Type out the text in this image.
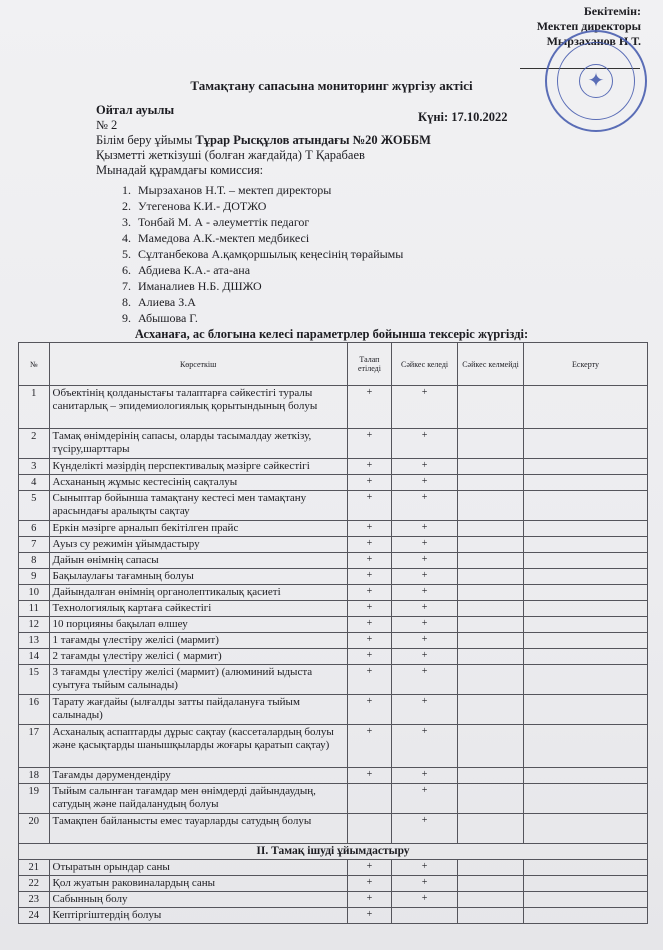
Бекітемін:
Мектеп директоры
Мырзаханов Н.Т.
✦
Тамақтану сапасына мониторинг жүргізу актісі
Ойтал ауылы
№ 2
Білім беру ұйымы Тұрар Рысқұлов атындағы №20 ЖОББМ
Қызметті жеткізуші (болған жағдайда) Т Қарабаев
Мынадай құрамдағы комиссия:
Күні: 17.10.2022
1. Мырзаханов Н.Т. – мектеп директоры
2. Утегенова К.И.- ДОТЖО
3. Тонбай М. А - әлеуметтік педагог
4. Мамедова А.К.-мектеп медбикесі
5. Сұлтанбекова А.қамқоршылық кеңесінің төрайымы
6. Абдиева К.А.- ата-ана
7. Иманалиев Н.Б. ДШЖО
8. Алиева З.А
9. Абышова Г.
Асханаға, ас блогына келесі параметрлер бойынша тексеріс жүргізді:
№	Көрсеткіш	Талап етіледі	Сәйкес келеді	Сәйкес келмейді	Ескерту
1	Объектінің қолданыстағы талаптарға сәйкестігі туралы санитарлық – эпидемиологиялық қорытындының болуы	+	+		
2	Тамақ өнімдерінің сапасы, оларды тасымалдау жеткізу, түсіру,шарттары	+	+		
3	Күнделікті мәзірдің перспективалық мәзірге сәйкестігі	+	+		
4	Асхананың жұмыс кестесінің сақталуы	+	+		
5	Сыныптар бойынша тамақтану кестесі мен тамақтану арасындағы аралықты сақтау	+	+		
6	Еркін мәзірге арналып бекітілген прайс	+	+		
7	Ауыз су режимін ұйымдастыру	+	+		
8	Дайын өнімнің сапасы	+	+		
9	Бақылаулағы тағамның болуы	+	+		
10	Дайындалған өнімнің органолептикалық қасиеті	+	+		
11	Технологиялық картаға сәйкестігі	+	+		
12	10 порцияны бақылап өлшеу	+	+		
13	1 тағамды үлестіру желісі (мармит)	+	+		
14	2 тағамды үлестіру желісі ( мармит)	+	+		
15	3 тағамды үлестіру желісі (мармит) (алюминий ыдыста суытуға тыйым салынады)	+	+		
16	Тарату жағдайы (ылғалды затты пайдалануға тыйым салынады)	+	+		
17	Асханалық аспаптарды дұрыс сақтау (кассеталардың болуы және қасықтарды шанышқыларды жоғары қаратып сақтау)	+	+		
18	Тағамды дәрумендендіру	+	+		
19	Тыйым салынған тағамдар мен өнімдерді дайындаудың, сатудың және пайдаланудың болуы		+		
20	Тамақпен байланысты емес тауарларды сатудың болуы		+		
II. Тамақ ішуді ұйымдастыру					
21	Отыратын орындар саны	+	+		
22	Қол жуатын раковиналардың саны	+	+		
23	Сабынның болу	+	+		
24	Кептіргіштердің болуы	+			
